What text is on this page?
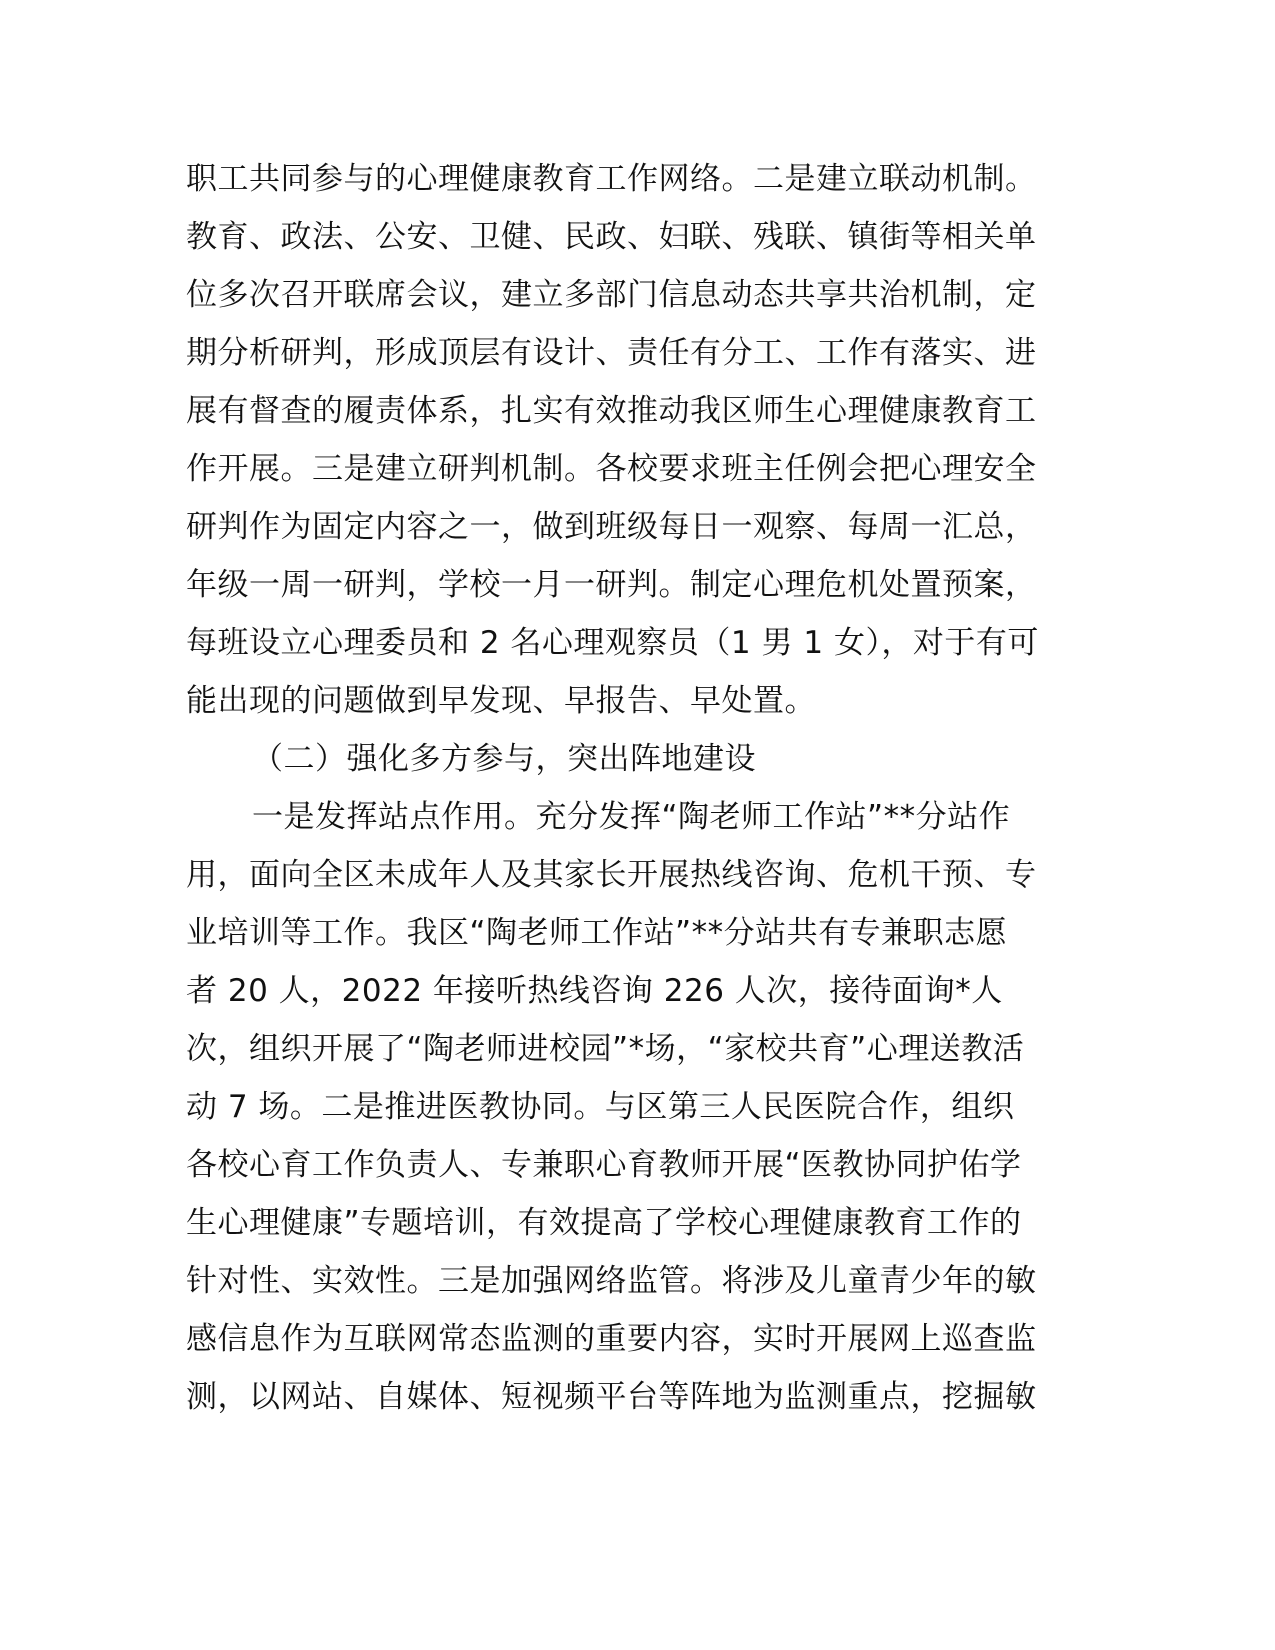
职工共同参与的心理健康教育工作网络。二是建立联动机制。
教育、政法、公安、卫健、民政、妇联、残联、镇街等相关单
位多次召开联席会议，建立多部门信息动态共享共治机制，定
期分析研判，形成顶层有设计、责任有分工、工作有落实、进
展有督查的履责体系，扎实有效推动我区师生心理健康教育工
作开展。三是建立研判机制。各校要求班主任例会把心理安全
研判作为固定内容之一，做到班级每日一观察、每周一汇总，
年级一周一研判，学校一月一研判。制定心理危机处置预案，
每班设立心理委员和 2 名心理观察员（1 男 1 女），对于有可
能出现的问题做到早发现、早报告、早处置。
（二）强化多方参与，突出阵地建设
一是发挥站点作用。充分发挥“陶老师工作站”**分站作
用，面向全区未成年人及其家长开展热线咨询、危机干预、专
业培训等工作。我区“陶老师工作站”**分站共有专兼职志愿
者 20 人，2022 年接听热线咨询 226 人次，接待面询*人
次，组织开展了“陶老师进校园”*场，“家校共育”心理送教活
动 7 场。二是推进医教协同。与区第三人民医院合作，组织
各校心育工作负责人、专兼职心育教师开展“医教协同护佑学
生心理健康”专题培训，有效提高了学校心理健康教育工作的
针对性、实效性。三是加强网络监管。将涉及儿童青少年的敏
感信息作为互联网常态监测的重要内容，实时开展网上巡查监
测，以网站、自媒体、短视频平台等阵地为监测重点，挖掘敏
